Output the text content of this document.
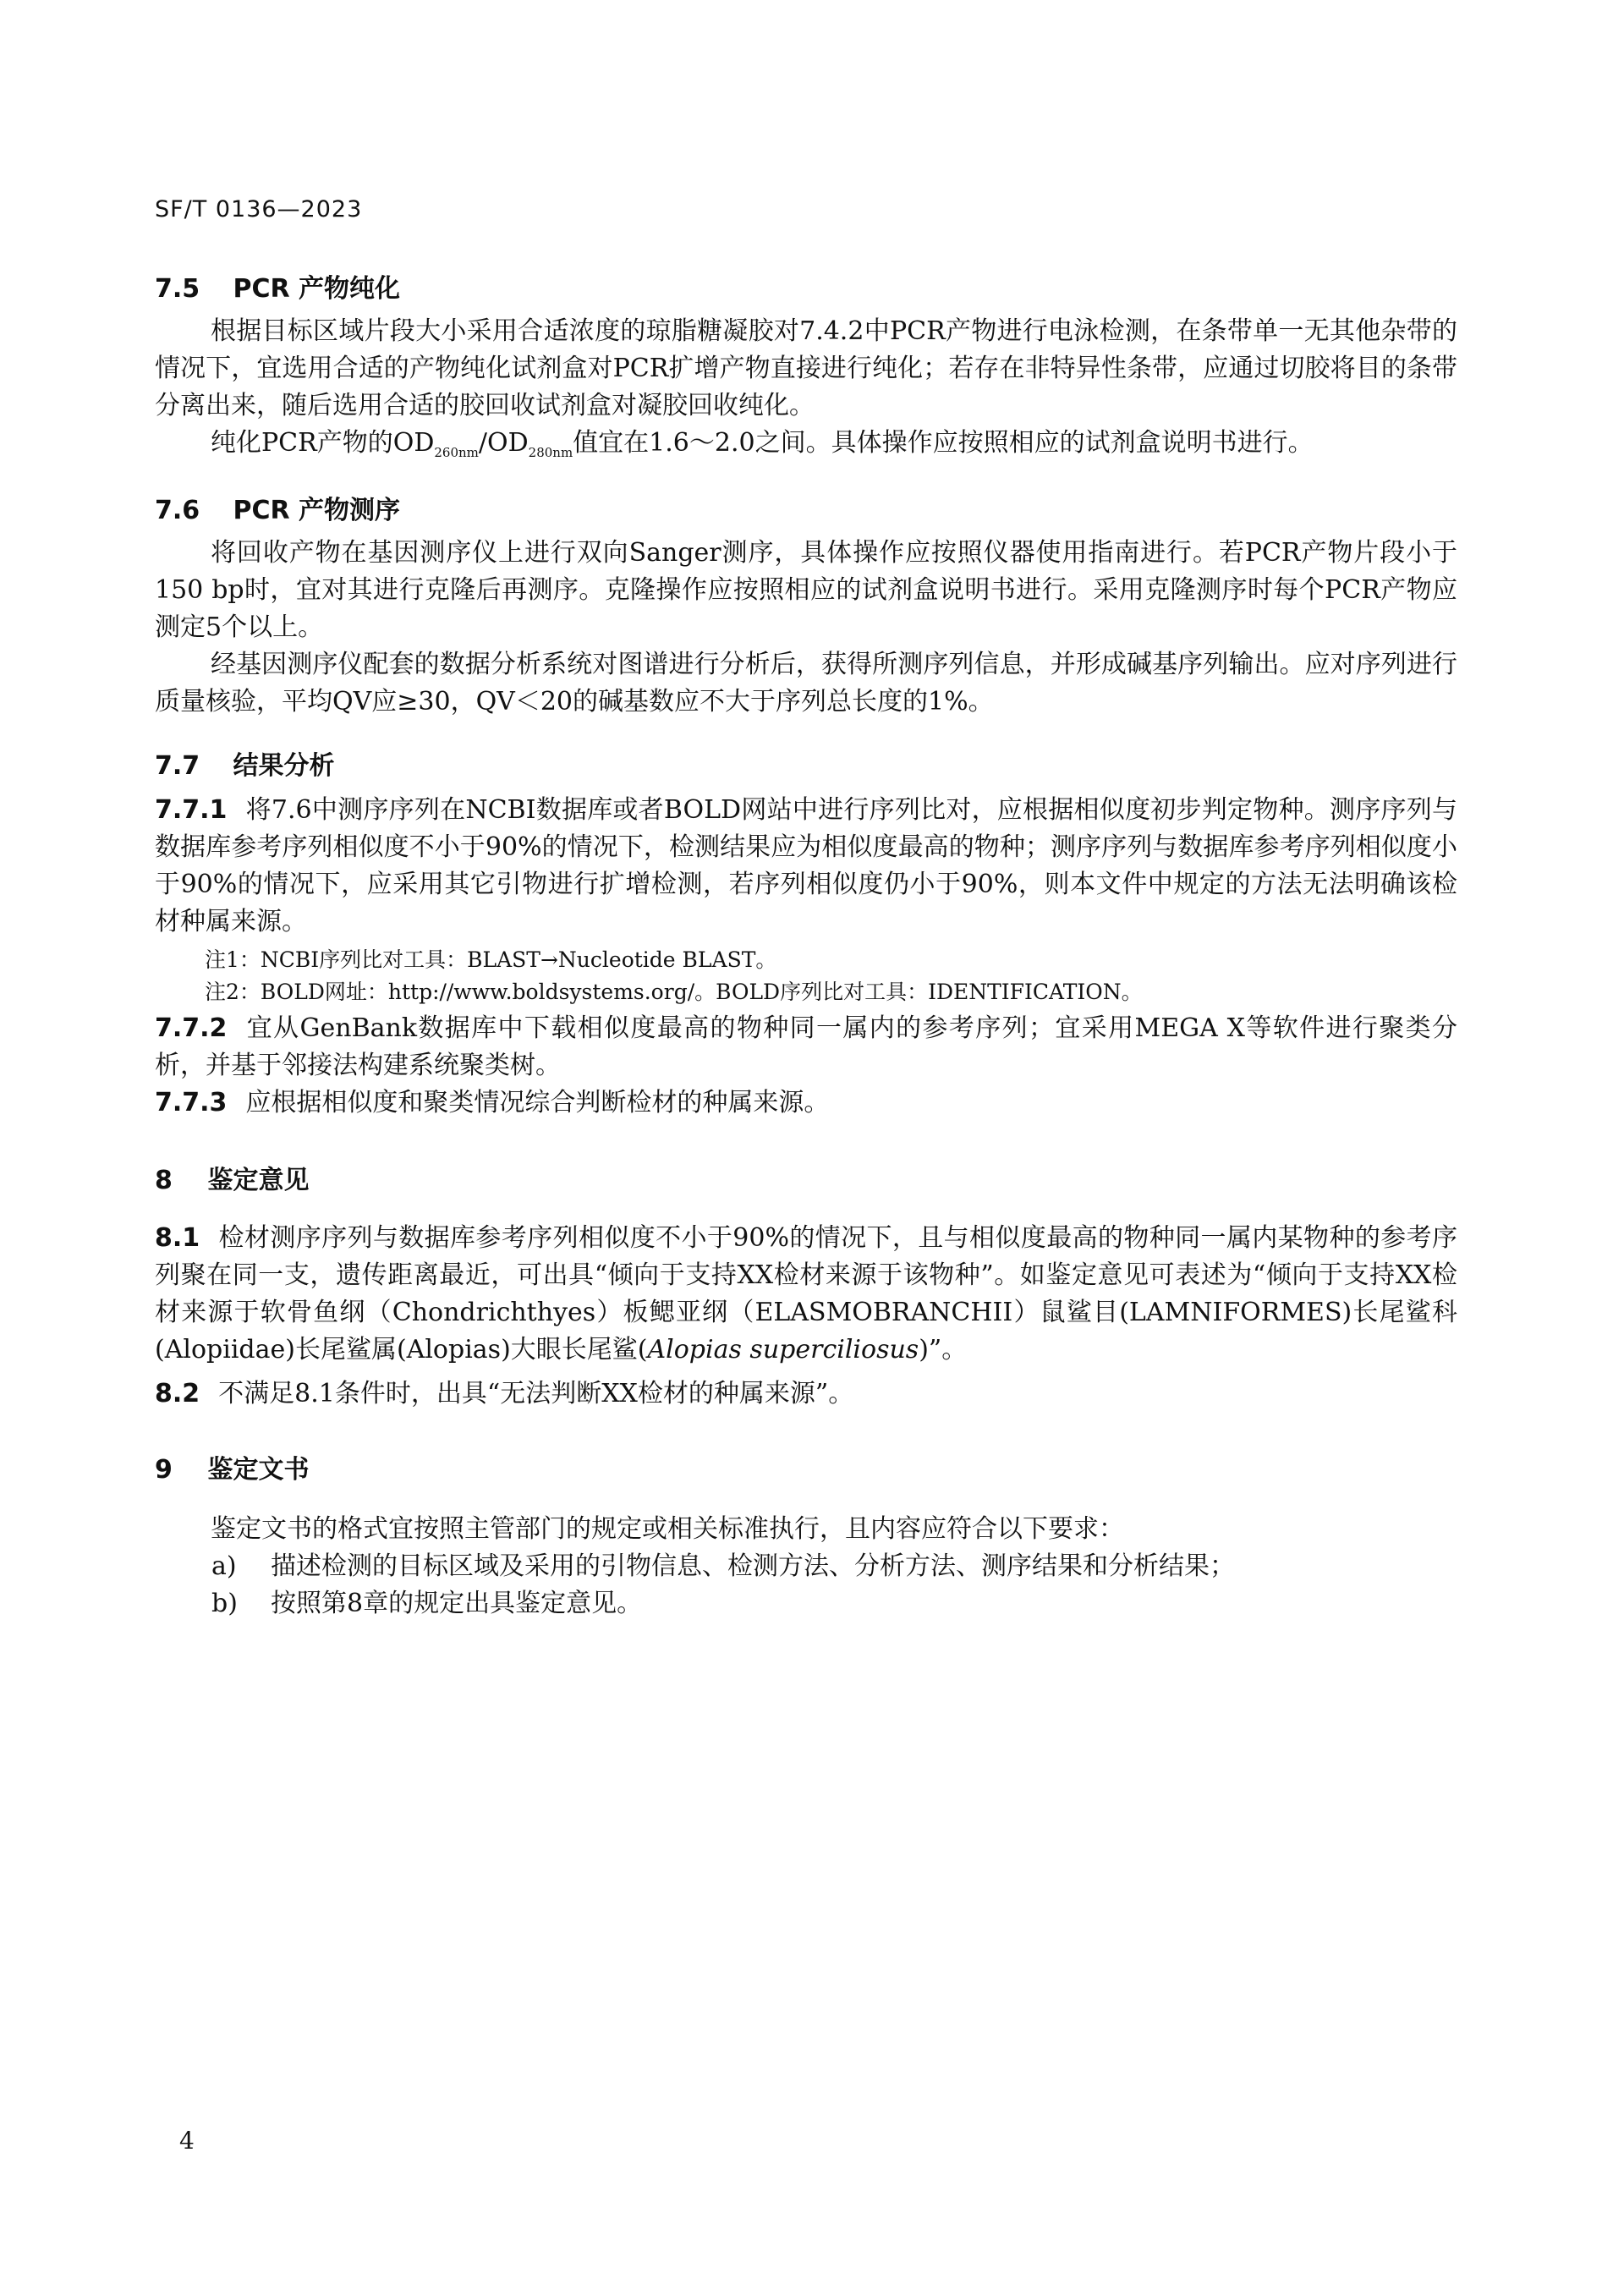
SF/T 0136—2023
7.5 PCR 产物纯化
根据目标区域片段大小采用合适浓度的琼脂糖凝胶对7.4.2中PCR产物进行电泳检测，在条带单一无其他杂带的情况下，宜选用合适的产物纯化试剂盒对PCR扩增产物直接进行纯化；若存在非特异性条带，应通过切胶将目的条带分离出来，随后选用合适的胶回收试剂盒对凝胶回收纯化。
纯化PCR产物的$OD_{260nm}/OD_{280nm}$值宜在1.6～2.0之间。具体操作应按照相应的试剂盒说明书进行。
7.6 PCR 产物测序
将回收产物在基因测序仪上进行双向Sanger测序，具体操作应按照仪器使用指南进行。若PCR产物片段小于150 bp时，宜对其进行克隆后再测序。克隆操作应按照相应的试剂盒说明书进行。采用克隆测序时每个PCR产物应测定5个以上。
经基因测序仪配套的数据分析系统对图谱进行分析后，获得所测序列信息，并形成碱基序列输出。应对序列进行质量核验，平均QV应≥30，QV＜20的碱基数应不大于序列总长度的1%。
7.7 结果分析
7.7.1 将7.6中测序序列在NCBI数据库或者BOLD网站中进行序列比对，应根据相似度初步判定物种。测序序列与数据库参考序列相似度不小于90%的情况下，检测结果应为相似度最高的物种；测序序列与数据库参考序列相似度小于90%的情况下，应采用其它引物进行扩增检测，若序列相似度仍小于90%，则本文件中规定的方法无法明确该检材种属来源。
注1：NCBI序列比对工具：BLAST→Nucleotide BLAST。
注2：BOLD网址：http://www.boldsystems.org/。BOLD序列比对工具：IDENTIFICATION。
7.7.2 宜从GenBank数据库中下载相似度最高的物种同一属内的参考序列；宜采用MEGA X等软件进行聚类分析，并基于邻接法构建系统聚类树。
7.7.3 应根据相似度和聚类情况综合判断检材的种属来源。
8 鉴定意见
8.1 检材测序序列与数据库参考序列相似度不小于90%的情况下，且与相似度最高的物种同一属内某物种的参考序列聚在同一支，遗传距离最近，可出具“倾向于支持XX检材来源于该物种”。如鉴定意见可表述为“倾向于支持XX检材来源于软骨鱼纲（Chondrichthyes）板鳃亚纲（ELASMOBRANCHII）鼠鲨目(LAMNIFORMES)长尾鲨科(Alopiidae)长尾鲨属(Alopias)大眼长尾鲨(Alopias superciliosus)”。
8.2 不满足8.1条件时，出具“无法判断XX检材的种属来源”。
9 鉴定文书
鉴定文书的格式宜按照主管部门的规定或相关标准执行，且内容应符合以下要求：
a) 描述检测的目标区域及采用的引物信息、检测方法、分析方法、测序结果和分析结果；
b) 按照第8章的规定出具鉴定意见。
4
